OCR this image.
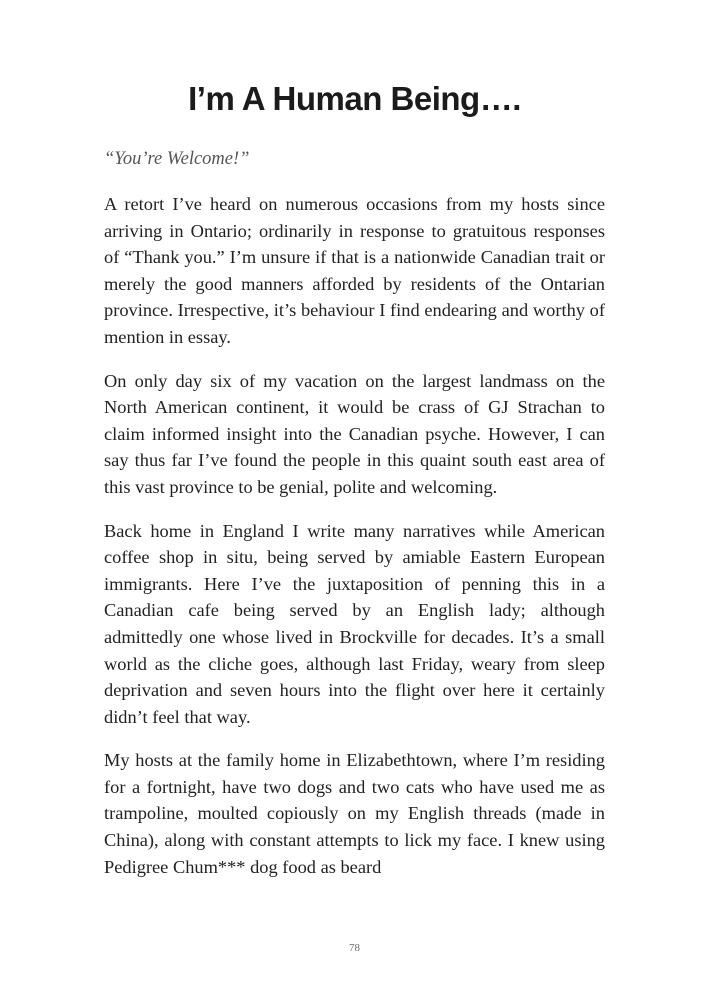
I’m A Human Being….
“You’re Welcome!”

A retort I’ve heard on numerous occasions from my hosts since arriving in Ontario; ordinarily in response to gratuitous responses of “Thank you.” I’m unsure if that is a nationwide Canadian trait or merely the good manners afforded by residents of the Ontarian province. Irrespective, it’s behaviour I find endearing and worthy of mention in essay.

On only day six of my vacation on the largest landmass on the North American continent, it would be crass of GJ Strachan to claim informed insight into the Canadian psyche. However, I can say thus far I’ve found the people in this quaint south east area of this vast province to be genial, polite and welcoming.

Back home in England I write many narratives while American coffee shop in situ, being served by amiable Eastern European immigrants. Here I’ve the juxtaposition of penning this in a Canadian cafe being served by an English lady; although admittedly one whose lived in Brockville for decades. It’s a small world as the cliche goes, although last Friday, weary from sleep deprivation and seven hours into the flight over here it certainly didn’t feel that way.

My hosts at the family home in Elizabethtown, where I’m residing for a fortnight, have two dogs and two cats who have used me as trampoline, moulted copiously on my English threads (made in China), along with constant attempts to lick my face. I knew using Pedigree Chum*** dog food as beard

78
